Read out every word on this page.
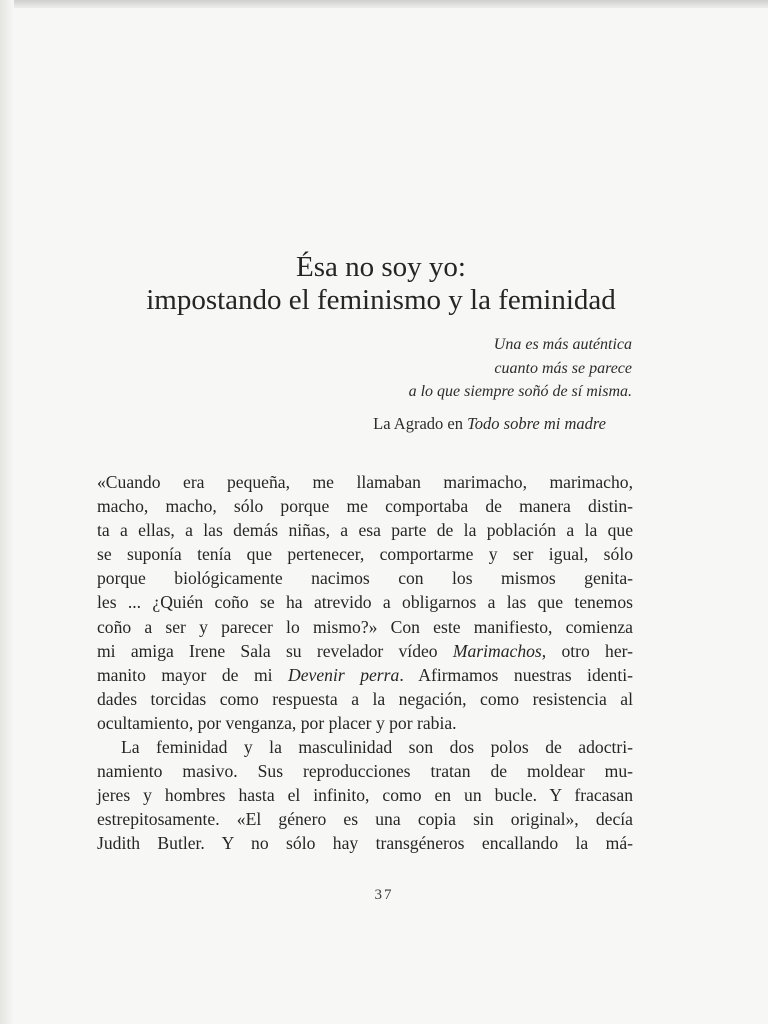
Ésa no soy yo:
impostando el feminismo y la feminidad
Una es más auténtica
cuanto más se parece
a lo que siempre soñó de sí misma.
La Agrado en Todo sobre mi madre
«Cuando era pequeña, me llamaban marimacho, marimacho,
macho, macho, sólo porque me comportaba de manera distin-
ta a ellas, a las demás niñas, a esa parte de la población a la que
se suponía tenía que pertenecer, comportarme y ser igual, sólo
porque biológicamente nacimos con los mismos genita-
les ... ¿Quién coño se ha atrevido a obligarnos a las que tenemos
coño a ser y parecer lo mismo?» Con este manifiesto, comienza
mi amiga Irene Sala su revelador vídeo Marimachos, otro her-
manito mayor de mi Devenir perra. Afirmamos nuestras identi-
dades torcidas como respuesta a la negación, como resistencia al
ocultamiento, por venganza, por placer y por rabia.
La feminidad y la masculinidad son dos polos de adoctri-
namiento masivo. Sus reproducciones tratan de moldear mu-
jeres y hombres hasta el infinito, como en un bucle. Y fracasan
estrepitosamente. «El género es una copia sin original», decía
Judith Butler. Y no sólo hay transgéneros encallando la má-
37
